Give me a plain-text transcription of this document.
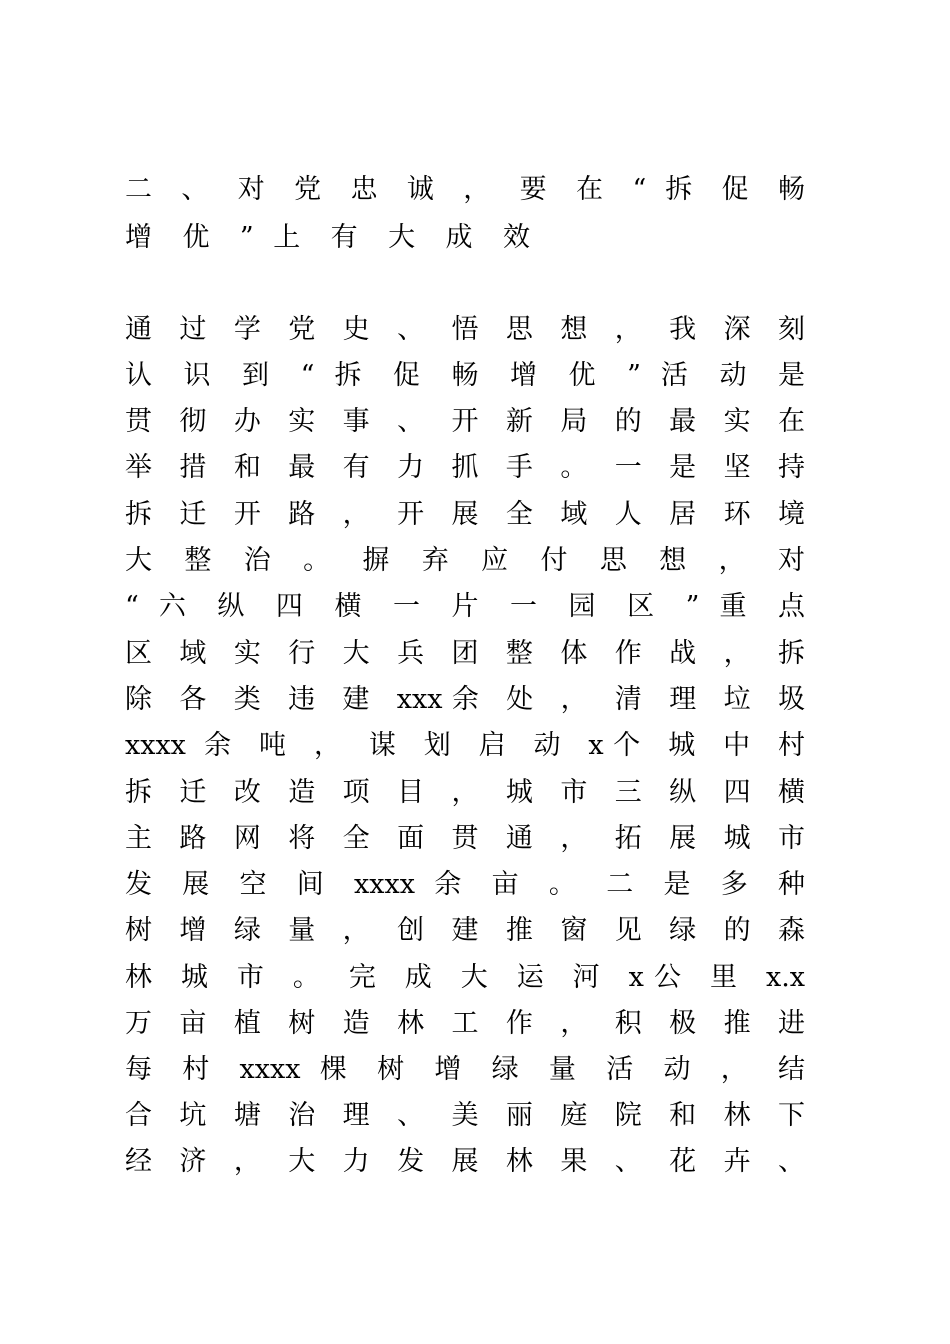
二 、 对 党 忠 诚 ， 要 在 “ 拆 促 畅
增 优 ” 上 有 大 成 效
通 过 学 党 史 、 悟 思 想 ， 我 深 刻
认 识 到 “ 拆 促 畅 增 优 ” 活 动 是
贯 彻 办 实 事 、 开 新 局 的 最 实 在
举 措 和 最 有 力 抓 手 。 一 是 坚 持
拆 迁 开 路 ， 开 展 全 域 人 居 环 境
大 整 治 。 摒 弃 应 付 思 想 ， 对
“ 六 纵 四 横 一 片 一 园 区 ” 重 点
区 域 实 行 大 兵 团 整 体 作 战 ， 拆
除 各 类 违 建 xxx余 处 ， 清 理 垃 圾
xxxx 余 吨 ， 谋 划 启 动 x个 城 中 村
拆 迁 改 造 项 目 ， 城 市 三 纵 四 横
主 路 网 将 全 面 贯 通 ， 拓 展 城 市
发 展 空 间 xxxx 余 亩 。 二 是 多 种
树 增 绿 量 ， 创 建 推 窗 见 绿 的 森
林 城 市 。 完 成 大 运 河 x公 里 x.x
万 亩 植 树 造 林 工 作 ， 积 极 推 进
每 村 xxxx 棵 树 增 绿 量 活 动 ， 结
合 坑 塘 治 理 、 美 丽 庭 院 和 林 下
经 济 ， 大 力 发 展 林 果 、 花 卉 、
